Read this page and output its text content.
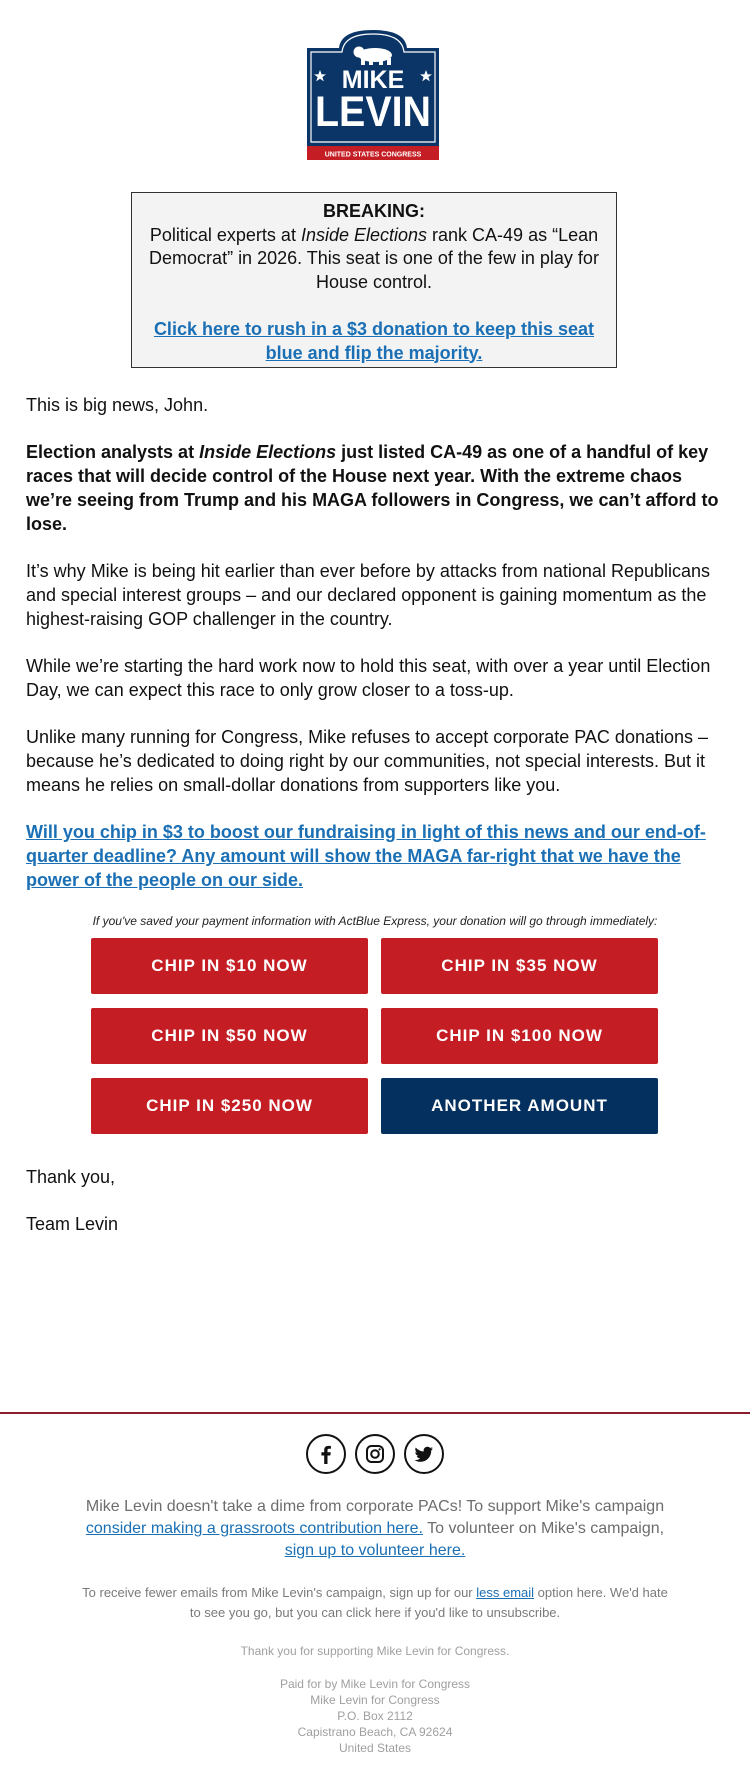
MIKE
LEVIN
UNITED STATES CONGRESS
BREAKING:
Political experts at Inside Elections rank CA-49 as “Lean Democrat” in 2026. This seat is one of the few in play for House control.
Click here to rush in a $3 donation to keep this seat blue and flip the majority.

This is big news, John.

Election analysts at Inside Elections just listed CA-49 as one of a handful of key races that will decide control of the House next year. With the extreme chaos we’re seeing from Trump and his MAGA followers in Congress, we can’t afford to lose.

It’s why Mike is being hit earlier than ever before by attacks from national Republicans and special interest groups – and our declared opponent is gaining momentum as the highest-raising GOP challenger in the country.

While we’re starting the hard work now to hold this seat, with over a year until Election Day, we can expect this race to only grow closer to a toss-up.

Unlike many running for Congress, Mike refuses to accept corporate PAC donations – because he’s dedicated to doing right by our communities, not special interests. But it means he relies on small-dollar donations from supporters like you.

Will you chip in $3 to boost our fundraising in light of this news and our end-of-quarter deadline? Any amount will show the MAGA far-right that we have the power of the people on our side.

If you've saved your payment information with ActBlue Express, your donation will go through immediately:
CHIP IN $10 NOW	CHIP IN $35 NOW
CHIP IN $50 NOW	CHIP IN $100 NOW
CHIP IN $250 NOW	ANOTHER AMOUNT

Thank you,

Team Levin

Mike Levin doesn't take a dime from corporate PACs! To support Mike's campaign consider making a grassroots contribution here. To volunteer on Mike's campaign, sign up to volunteer here.
To receive fewer emails from Mike Levin's campaign, sign up for our less email option here. We'd hate to see you go, but you can click here if you'd like to unsubscribe.
Thank you for supporting Mike Levin for Congress.
Paid for by Mike Levin for Congress
Mike Levin for Congress
P.O. Box 2112
Capistrano Beach, CA 92624
United States
